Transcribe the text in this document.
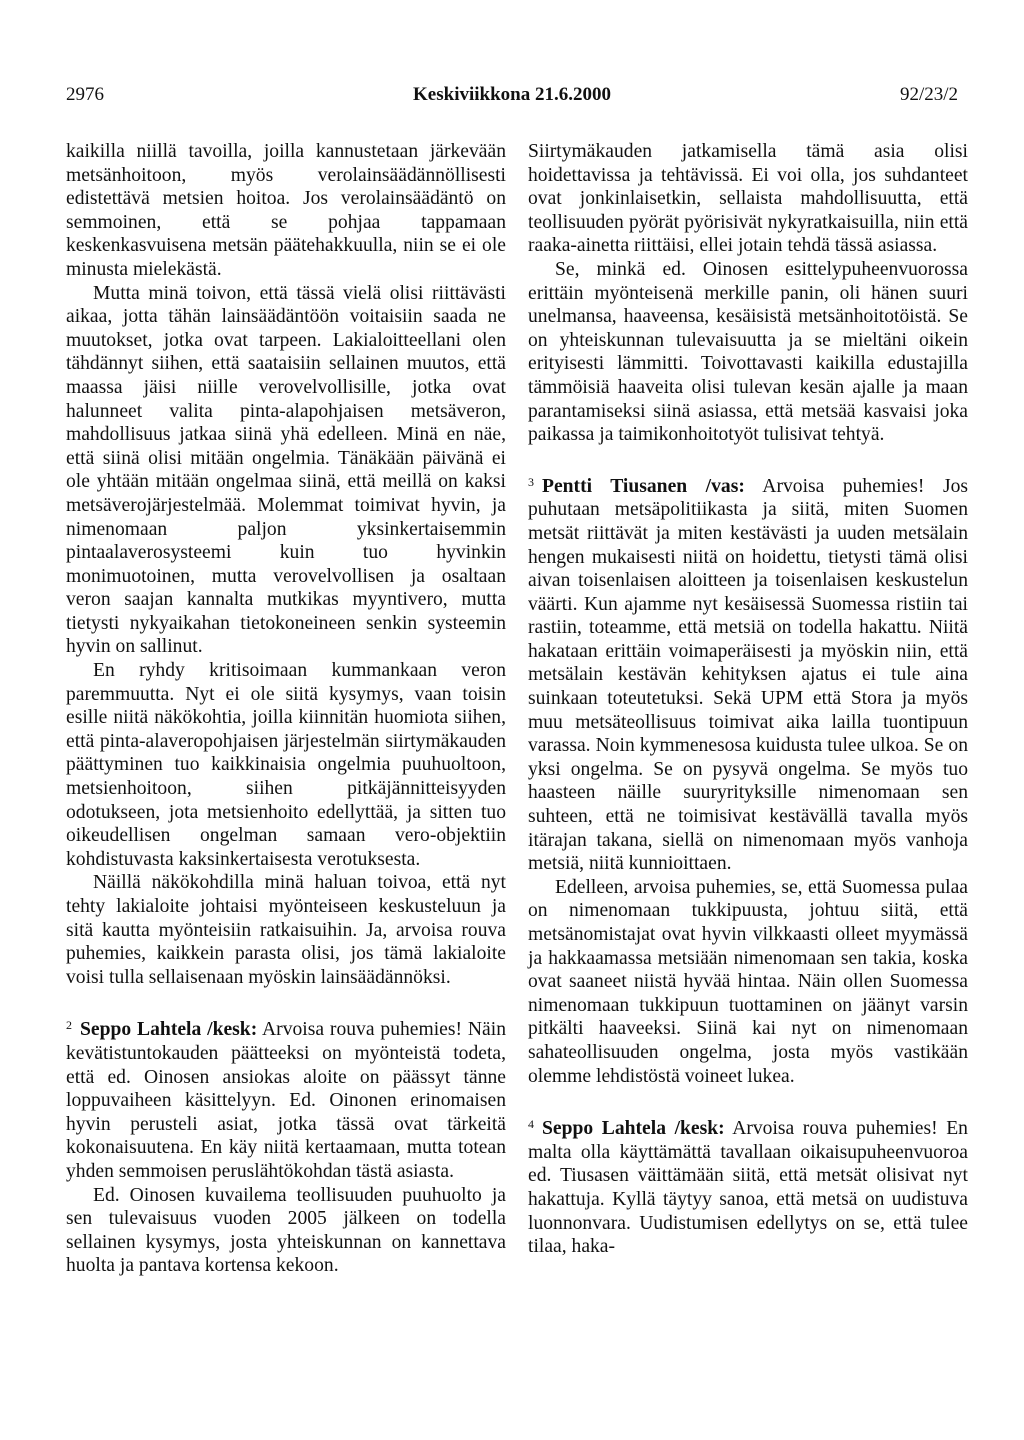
2976	Keskiviikkona 21.6.2000	92/23/2

kaikilla niillä tavoilla, joilla kannustetaan järkevään metsänhoitoon, myös verolainsäädännöllisesti edistettävä metsien hoitoa. Jos verolainsäädäntö on semmoinen, että se pohjaa tappamaan keskenkasvuisena metsän päätehakkuulla, niin se ei ole minusta mielekästä.

Mutta minä toivon, että tässä vielä olisi riittävästi aikaa, jotta tähän lainsäädäntöön voitaisiin saada ne muutokset, jotka ovat tarpeen. Lakialoitteellani olen tähdännyt siihen, että saataisiin sellainen muutos, että maassa jäisi niille verovelvollisille, jotka ovat halunneet valita pinta-alapohjaisen metsäveron, mahdollisuus jatkaa siinä yhä edelleen. Minä en näe, että siinä olisi mitään ongelmia. Tänäkään päivänä ei ole yhtään mitään ongelmaa siinä, että meillä on kaksi metsäverojärjestelmää. Molemmat toimivat hyvin, ja nimenomaan paljon yksinkertaisemmin pintaalaverosysteemi kuin tuo hyvinkin monimuotoinen, mutta verovelvollisen ja osaltaan veron saajan kannalta mutkikas myyntivero, mutta tietysti nykyaikahan tietokoneineen senkin systeemin hyvin on sallinut.

En ryhdy kritisoimaan kummankaan veron paremmuutta. Nyt ei ole siitä kysymys, vaan toisin esille niitä näkökohtia, joilla kiinnitän huomiota siihen, että pinta-alaveropohjaisen järjestelmän siirtymäkauden päättyminen tuo kaikkinaisia ongelmia puuhuoltoon, metsienhoitoon, siihen pitkäjännitteisyyden odotukseen, jota metsienhoito edellyttää, ja sitten tuo oikeudellisen ongelman samaan vero-objektiin kohdistuvasta kaksinkertaisesta verotuksesta.

Näillä näkökohdilla minä haluan toivoa, että nyt tehty lakialoite johtaisi myönteiseen keskusteluun ja sitä kautta myönteisiin ratkaisuihin. Ja, arvoisa rouva puhemies, kaikkein parasta olisi, jos tämä lakialoite voisi tulla sellaisenaan myöskin lainsäädännöksi.

$^2$ Seppo Lahtela /kesk: Arvoisa rouva puhemies! Näin kevätistuntokauden päätteeksi on myönteistä todeta, että ed. Oinosen ansiokas aloite on päässyt tänne loppuvaiheen käsittelyyn. Ed. Oinonen erinomaisen hyvin perusteli asiat, jotka tässä ovat tärkeitä kokonaisuutena. En käy niitä kertaamaan, mutta totean yhden semmoisen peruslähtökohdan tästä asiasta.

Ed. Oinosen kuvailema teollisuuden puuhuolto ja sen tulevaisuus vuoden 2005 jälkeen on todella sellainen kysymys, josta yhteiskunnan on kannettava huolta ja pantava kortensa kekoon.

Siirtymäkauden jatkamisella tämä asia olisi hoidettavissa ja tehtävissä. Ei voi olla, jos suhdanteet ovat jonkinlaisetkin, sellaista mahdollisuutta, että teollisuuden pyörät pyörisivät nykyratkaisuilla, niin että raaka-ainetta riittäisi, ellei jotain tehdä tässä asiassa.

Se, minkä ed. Oinosen esittelypuheenvuorossa erittäin myönteisenä merkille panin, oli hänen suuri unelmansa, haaveensa, kesäisistä metsänhoitotöistä. Se on yhteiskunnan tulevaisuutta ja se mieltäni oikein erityisesti lämmitti. Toivottavasti kaikilla edustajilla tämmöisiä haaveita olisi tulevan kesän ajalle ja maan parantamiseksi siinä asiassa, että metsää kasvaisi joka paikassa ja taimikonhoitotyöt tulisivat tehtyä.

$^3$ Pentti Tiusanen /vas: Arvoisa puhemies! Jos puhutaan metsäpolitiikasta ja siitä, miten Suomen metsät riittävät ja miten kestävästi ja uuden metsälain hengen mukaisesti niitä on hoidettu, tietysti tämä olisi aivan toisenlaisen aloitteen ja toisenlaisen keskustelun väärti. Kun ajamme nyt kesäisessä Suomessa ristiin tai rastiin, toteamme, että metsiä on todella hakattu. Niitä hakataan erittäin voimaperäisesti ja myöskin niin, että metsälain kestävän kehityksen ajatus ei tule aina suinkaan toteutetuksi. Sekä UPM että Stora ja myös muu metsäteollisuus toimivat aika lailla tuontipuun varassa. Noin kymmenesosa kuidusta tulee ulkoa. Se on yksi ongelma. Se on pysyvä ongelma. Se myös tuo haasteen näille suuryrityksille nimenomaan sen suhteen, että ne toimisivat kestävällä tavalla myös itärajan takana, siellä on nimenomaan myös vanhoja metsiä, niitä kunnioittaen.

Edelleen, arvoisa puhemies, se, että Suomessa pulaa on nimenomaan tukkipuusta, johtuu siitä, että metsänomistajat ovat hyvin vilkkaasti olleet myymässä ja hakkaamassa metsiään nimenomaan sen takia, koska ovat saaneet niistä hyvää hintaa. Näin ollen Suomessa nimenomaan tukkipuun tuottaminen on jäänyt varsin pitkälti haaveeksi. Siinä kai nyt on nimenomaan sahateollisuuden ongelma, josta myös vastikään olemme lehdistöstä voineet lukea.

$^4$ Seppo Lahtela /kesk: Arvoisa rouva puhemies! En malta olla käyttämättä tavallaan oikaisupuheenvuoroa ed. Tiusasen väittämään siitä, että metsät olisivat nyt hakattuja. Kyllä täytyy sanoa, että metsä on uudistuva luonnonvara. Uudistumisen edellytys on se, että tulee tilaa, haka-
